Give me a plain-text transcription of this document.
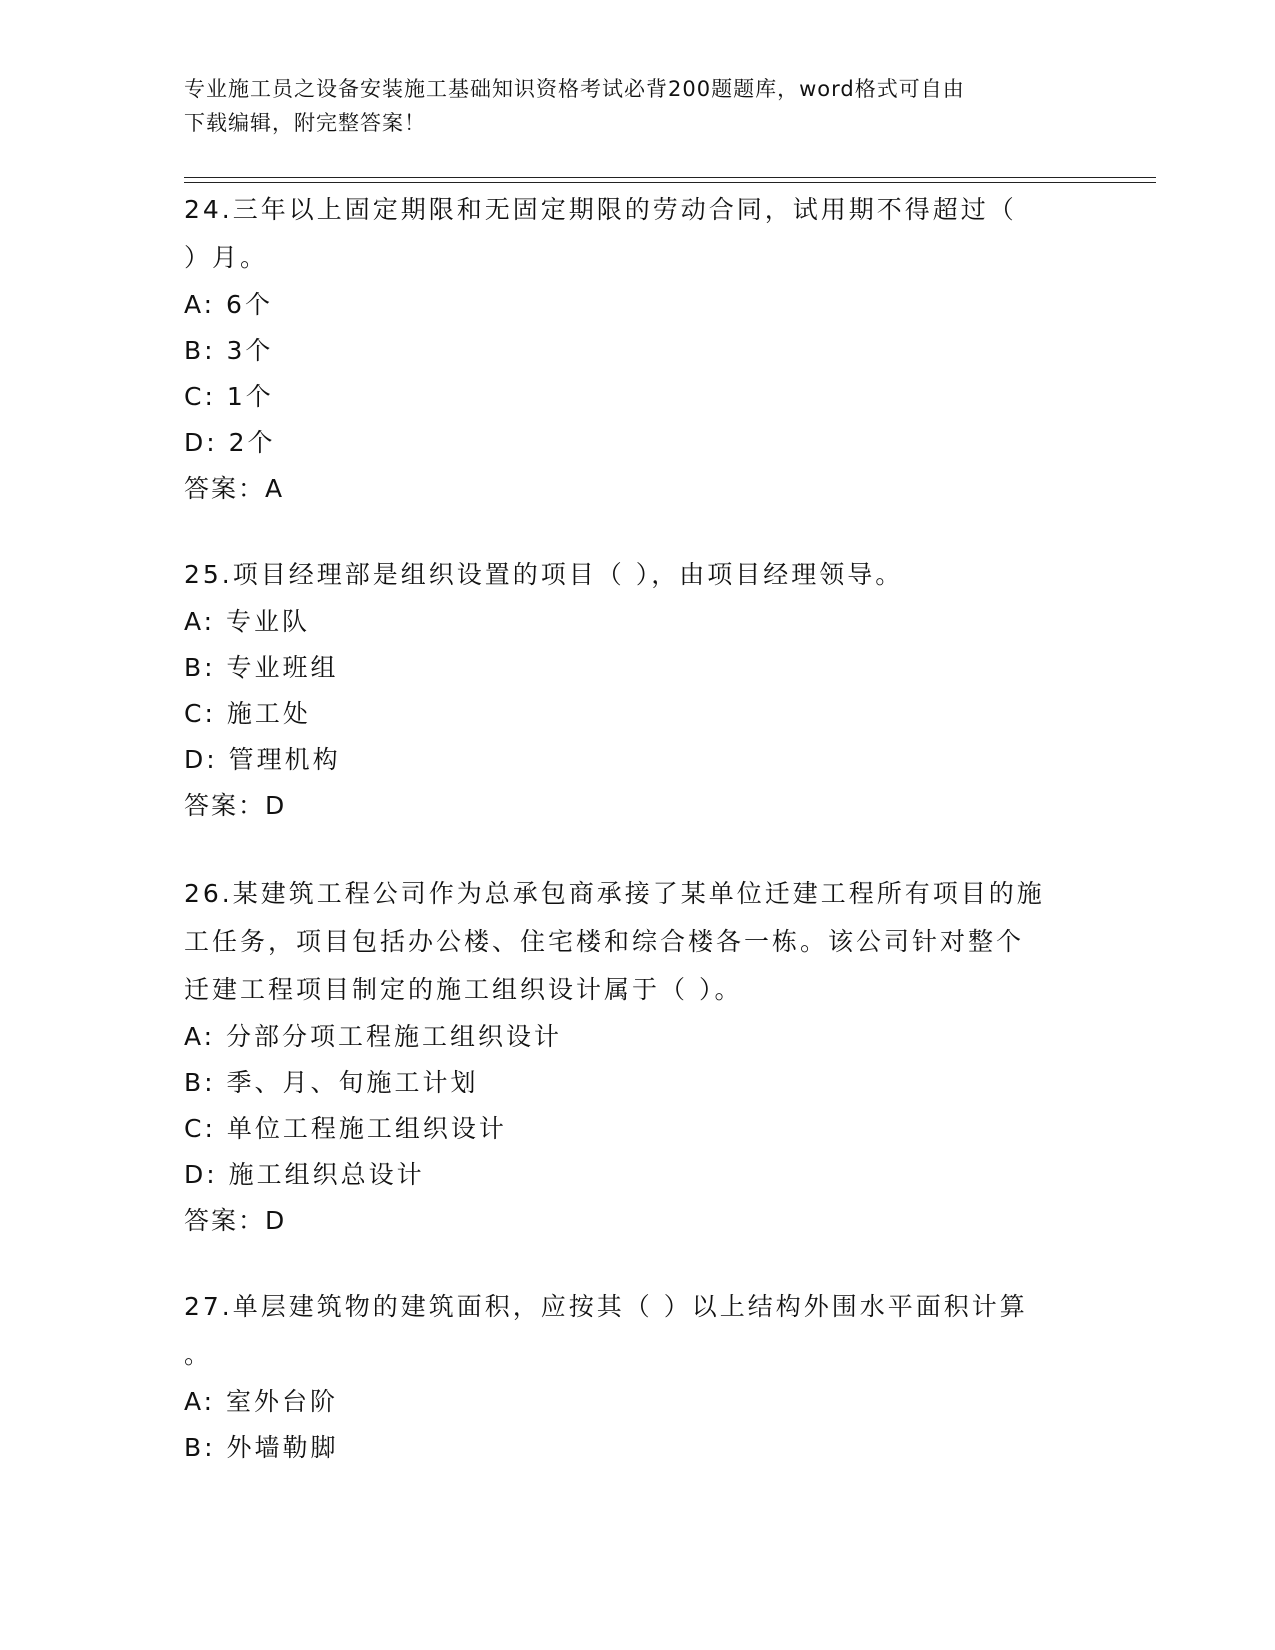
专业施工员之设备安装施工基础知识资格考试必背200题题库，word格式可自由
下载编辑，附完整答案！
24.三年以上固定期限和无固定期限的劳动合同，试用期不得超过（
）月。
A: 6个
B: 3个
C: 1个
D: 2个
答案：A
25.项目经理部是组织设置的项目（ ），由项目经理领导。
A: 专业队
B: 专业班组
C: 施工处
D: 管理机构
答案：D
26.某建筑工程公司作为总承包商承接了某单位迁建工程所有项目的施
工任务，项目包括办公楼、住宅楼和综合楼各一栋。该公司针对整个
迁建工程项目制定的施工组织设计属于（ ）。
A: 分部分项工程施工组织设计
B: 季、月、旬施工计划
C: 单位工程施工组织设计
D: 施工组织总设计
答案：D
27.单层建筑物的建筑面积，应按其（ ）以上结构外围水平面积计算
。
A: 室外台阶
B: 外墙勒脚
